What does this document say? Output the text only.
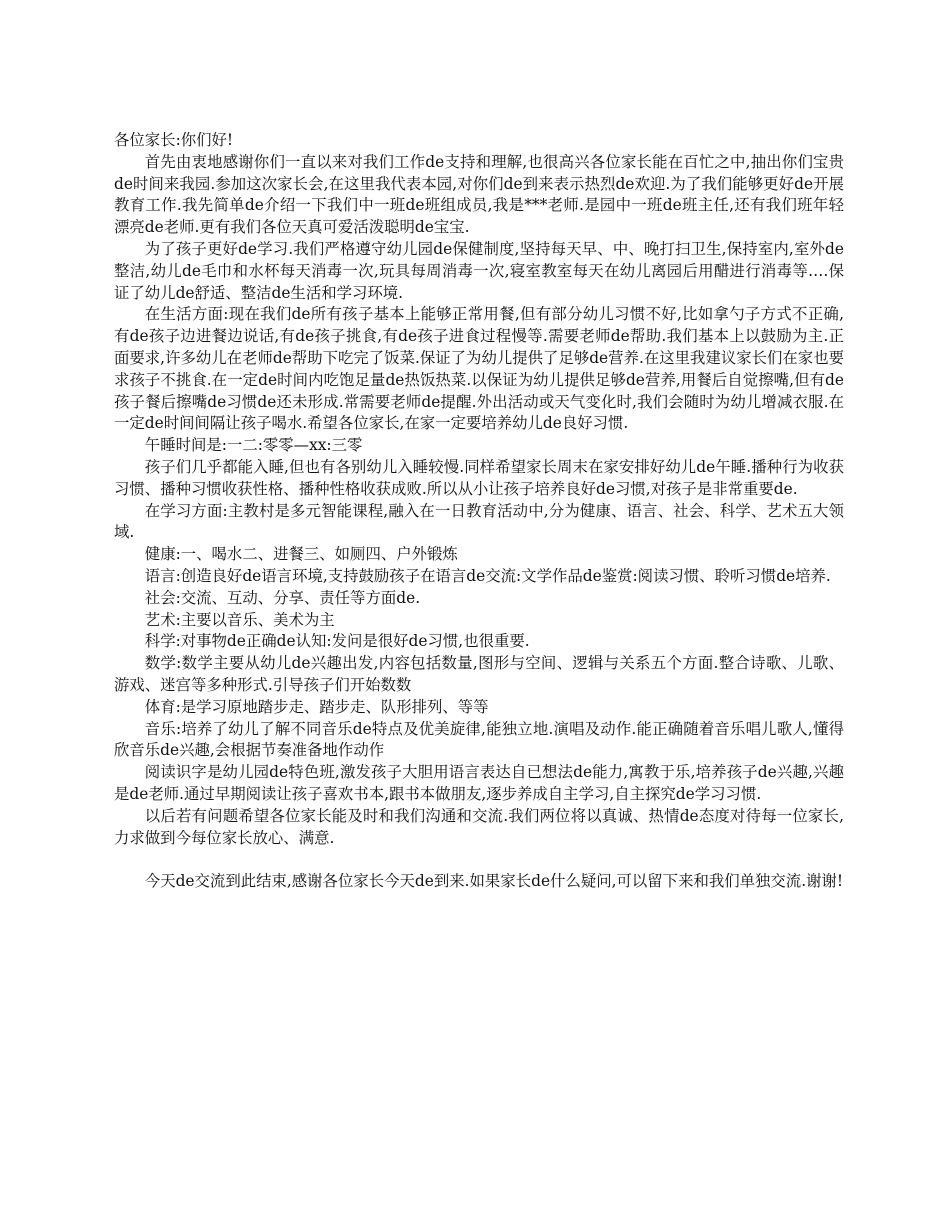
各位家长:你们好!

首先由衷地感谢你们一直以来对我们工作de支持和理解,也很高兴各位家长能在百忙之中,抽出你们宝贵de时间来我园.参加这次家长会,在这里我代表本园,对你们de到来表示热烈de欢迎.为了我们能够更好de开展教育工作.我先简单de介绍一下我们中一班de班组成员,我是***老师.是园中一班de班主任,还有我们班年轻漂亮de老师.更有我们各位天真可爱活泼聪明de宝宝.

为了孩子更好de学习.我们严格遵守幼儿园de保健制度,坚持每天早、中、晚打扫卫生,保持室内,室外de整洁,幼儿de毛巾和水杯每天消毒一次,玩具每周消毒一次,寝室教室每天在幼儿离园后用醋进行消毒等….保证了幼儿de舒适、整洁de生活和学习环境.

在生活方面:现在我们de所有孩子基本上能够正常用餐,但有部分幼儿习惯不好,比如拿勺子方式不正确,有de孩子边进餐边说话,有de孩子挑食,有de孩子进食过程慢等.需要老师de帮助.我们基本上以鼓励为主.正面要求,许多幼儿在老师de帮助下吃完了饭菜.保证了为幼儿提供了足够de营养.在这里我建议家长们在家也要求孩子不挑食.在一定de时间内吃饱足量de热饭热菜.以保证为幼儿提供足够de营养,用餐后自觉擦嘴,但有de孩子餐后擦嘴de习惯de还未形成.常需要老师de提醒.外出活动或天气变化时,我们会随时为幼儿增减衣服.在一定de时间间隔让孩子喝水.希望各位家长,在家一定要培养幼儿de良好习惯.

午睡时间是:一二:零零—xx:三零

孩子们几乎都能入睡,但也有各别幼儿入睡较慢.同样希望家长周末在家安排好幼儿de午睡.播种行为收获习惯、播种习惯收获性格、播种性格收获成败.所以从小让孩子培养良好de习惯,对孩子是非常重要de.

在学习方面:主教村是多元智能课程,融入在一日教育活动中,分为健康、语言、社会、科学、艺术五大领域.

健康:一、喝水二、进餐三、如厕四、户外锻炼

语言:创造良好de语言环境,支持鼓励孩子在语言de交流:文学作品de鉴赏:阅读习惯、聆听习惯de培养.

社会:交流、互动、分享、责任等方面de.

艺术:主要以音乐、美术为主

科学:对事物de正确de认知:发问是很好de习惯,也很重要.

数学:数学主要从幼儿de兴趣出发,内容包括数量,图形与空间、逻辑与关系五个方面.整合诗歌、儿歌、游戏、迷宫等多种形式.引导孩子们开始数数

体育:是学习原地踏步走、踏步走、队形排列、等等

音乐:培养了幼儿了解不同音乐de特点及优美旋律,能独立地.演唱及动作.能正确随着音乐唱儿歌人,懂得欣音乐de兴趣,会根据节奏准备地作动作

阅读识字是幼儿园de特色班,激发孩子大胆用语言表达自已想法de能力,寓教于乐,培养孩子de兴趣,兴趣是de老师.通过早期阅读让孩子喜欢书本,跟书本做朋友,逐步养成自主学习,自主探究de学习习惯.

以后若有问题希望各位家长能及时和我们沟通和交流.我们两位将以真诚、热情de态度对待每一位家长,力求做到今每位家长放心、满意.

今天de交流到此结束,感谢各位家长今天de到来.如果家长de什么疑问,可以留下来和我们单独交流.谢谢!
